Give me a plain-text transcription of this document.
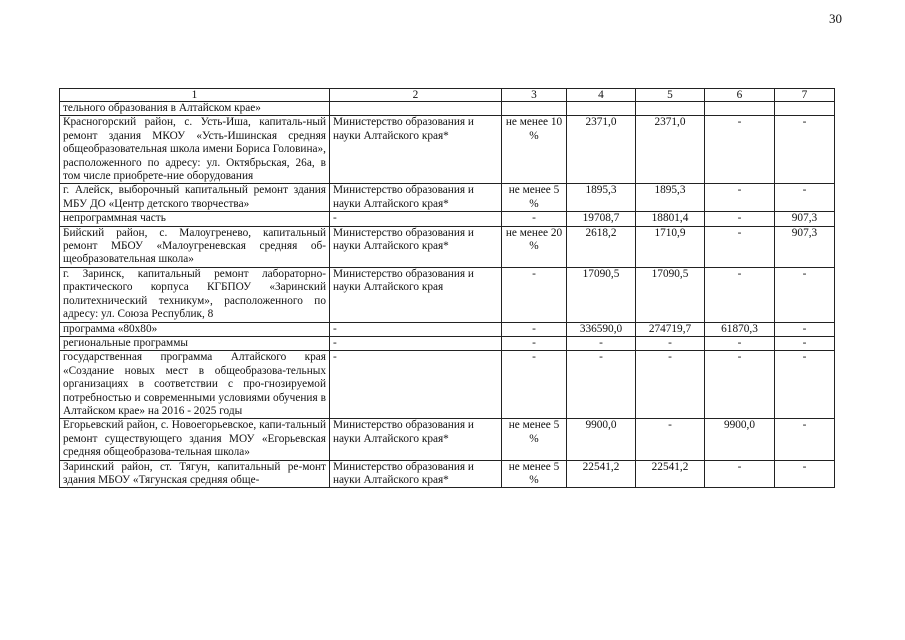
30
1	2	3	4	5	6	7
тельного образования в Алтайском крае»						
Красногорский район, с. Усть-Иша, капиталь-ный ремонт здания МКОУ «Усть-Ишинская средняя общеобразовательная школа имени Бориса Головина», расположенного по адресу: ул. Октябрьская, 26а, в том числе приобрете-ние оборудования	Министерство образования и науки Алтайского края*	не менее 10 %	2371,0	2371,0	-	-
г. Алейск, выборочный капитальный ремонт здания МБУ ДО «Центр детского творчества»	Министерство образования и науки Алтайского края*	не менее 5 %	1895,3	1895,3	-	-
непрограммная часть	-	-	19708,7	18801,4	-	907,3
Бийский район, с. Малоугренево, капитальный ремонт МБОУ «Малоугреневская средняя об-щеобразовательная школа»	Министерство образования и науки Алтайского края*	не менее 20 %	2618,2	1710,9	-	907,3
г. Заринск, капитальный ремонт лабораторно-практического корпуса КГБПОУ «Заринский политехнический техникум», расположенного по адресу: ул. Союза Республик, 8	Министерство образования и науки Алтайского края	-	17090,5	17090,5	-	-
программа «80х80»	-	-	336590,0	274719,7	61870,3	-
региональные программы	-	-	-	-	-	-
государственная программа Алтайского края «Создание новых мест в общеобразова-тельных организациях в соответствии с про-гнозируемой потребностью и современными условиями обучения в Алтайском крае» на 2016 - 2025 годы	-	-	-	-	-	-
Егорьевский район, с. Новоегорьевское, капи-тальный ремонт существующего здания МОУ «Егорьевская средняя общеобразова-тельная школа»	Министерство образования и науки Алтайского края*	не менее 5 %	9900,0	-	9900,0	-
Заринский район, ст. Тягун, капитальный ре-монт здания МБОУ «Тягунская средняя обще-	Министерство образования и науки Алтайского края*	не менее 5 %	22541,2	22541,2	-	-
